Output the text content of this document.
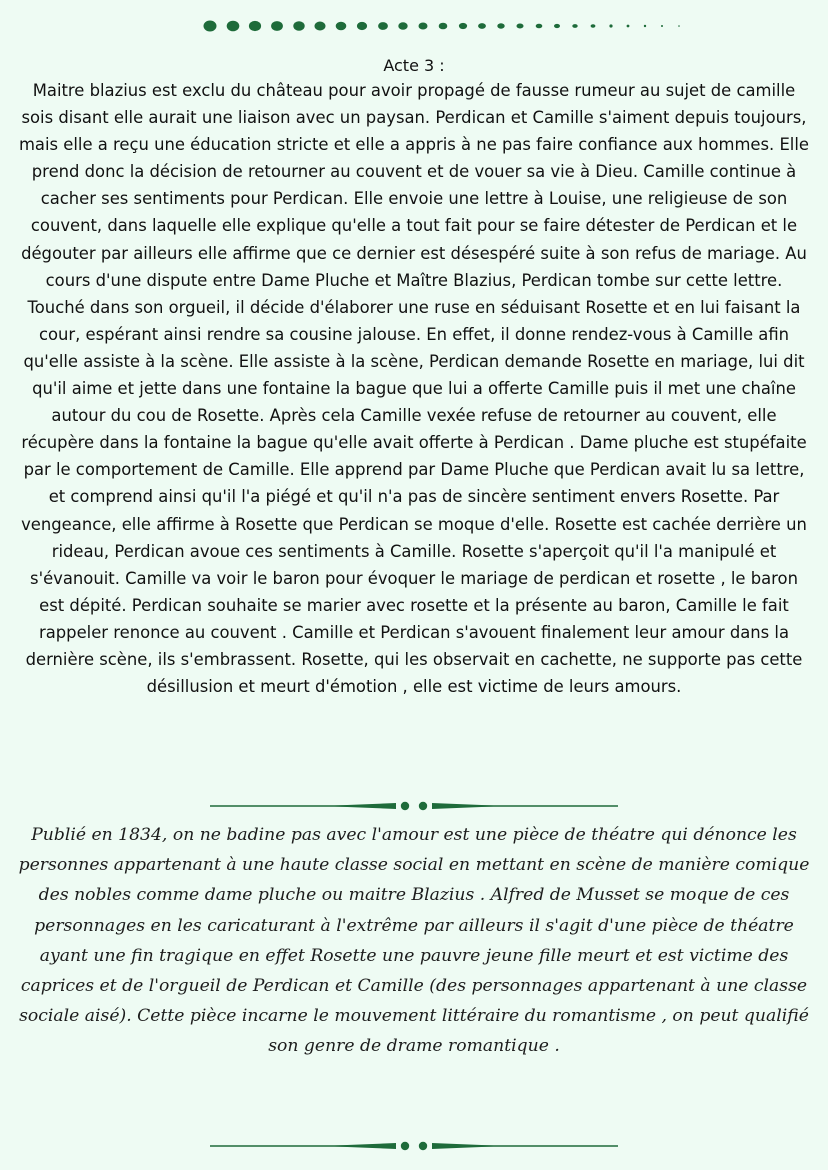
Acte 3 :

Maitre blazius est exclu du château pour avoir propagé de fausse rumeur au sujet de camille sois disant elle aurait une liaison avec un paysan. Perdican et Camille s'aiment depuis toujours, mais elle a reçu une éducation stricte et elle a appris à ne pas faire confiance aux hommes. Elle prend donc la décision de retourner au couvent et de vouer sa vie à Dieu. Camille continue à cacher ses sentiments pour Perdican. Elle envoie une lettre à Louise, une religieuse de son couvent, dans laquelle elle explique qu'elle a tout fait pour se faire détester de Perdican et le dégouter par ailleurs elle affirme que ce dernier est désespéré suite à son refus de mariage. Au cours d'une dispute entre Dame Pluche et Maître Blazius, Perdican tombe sur cette lettre. Touché dans son orgueil, il décide d'élaborer une ruse en séduisant Rosette et en lui faisant la cour, espérant ainsi rendre sa cousine jalouse. En effet, il donne rendez-vous à Camille afin qu'elle assiste à la scène. Elle assiste à la scène, Perdican demande Rosette en mariage, lui dit qu'il aime et jette dans une fontaine la bague que lui a offerte Camille puis il met une chaîne autour du cou de Rosette. Après cela Camille vexée refuse de retourner au couvent, elle récupère dans la fontaine la bague qu'elle avait offerte à Perdican . Dame pluche est stupéfaite par le comportement de Camille. Elle apprend par Dame Pluche que Perdican avait lu sa lettre, et comprend ainsi qu'il l'a piégé et qu'il n'a pas de sincère sentiment envers Rosette. Par vengeance, elle affirme à Rosette que Perdican se moque d'elle. Rosette est cachée derrière un rideau, Perdican avoue ces sentiments à Camille. Rosette s'aperçoit qu'il l'a manipulé et s'évanouit. Camille va voir le baron pour évoquer le mariage de perdican et rosette , le baron est dépité. Perdican souhaite se marier avec rosette et la présente au baron, Camille le fait rappeler renonce au couvent . Camille et Perdican s'avouent finalement leur amour dans la dernière scène, ils s'embrassent. Rosette, qui les observait en cachette, ne supporte pas cette désillusion et meurt d'émotion , elle est victime de leurs amours.

Publié en 1834, on ne badine pas avec l'amour est une pièce de théatre qui dénonce les personnes appartenant à une haute classe social en mettant en scène de manière comique des nobles comme dame pluche ou maitre Blazius . Alfred de Musset se moque de ces personnages en les caricaturant à l'extrême par ailleurs il s'agit d'une pièce de théatre ayant une fin tragique en effet Rosette une pauvre jeune fille meurt et est victime des caprices et de l'orgueil de Perdican et Camille (des personnages appartenant à une classe sociale aisé). Cette pièce incarne le mouvement littéraire du romantisme , on peut qualifié son genre de drame romantique .
